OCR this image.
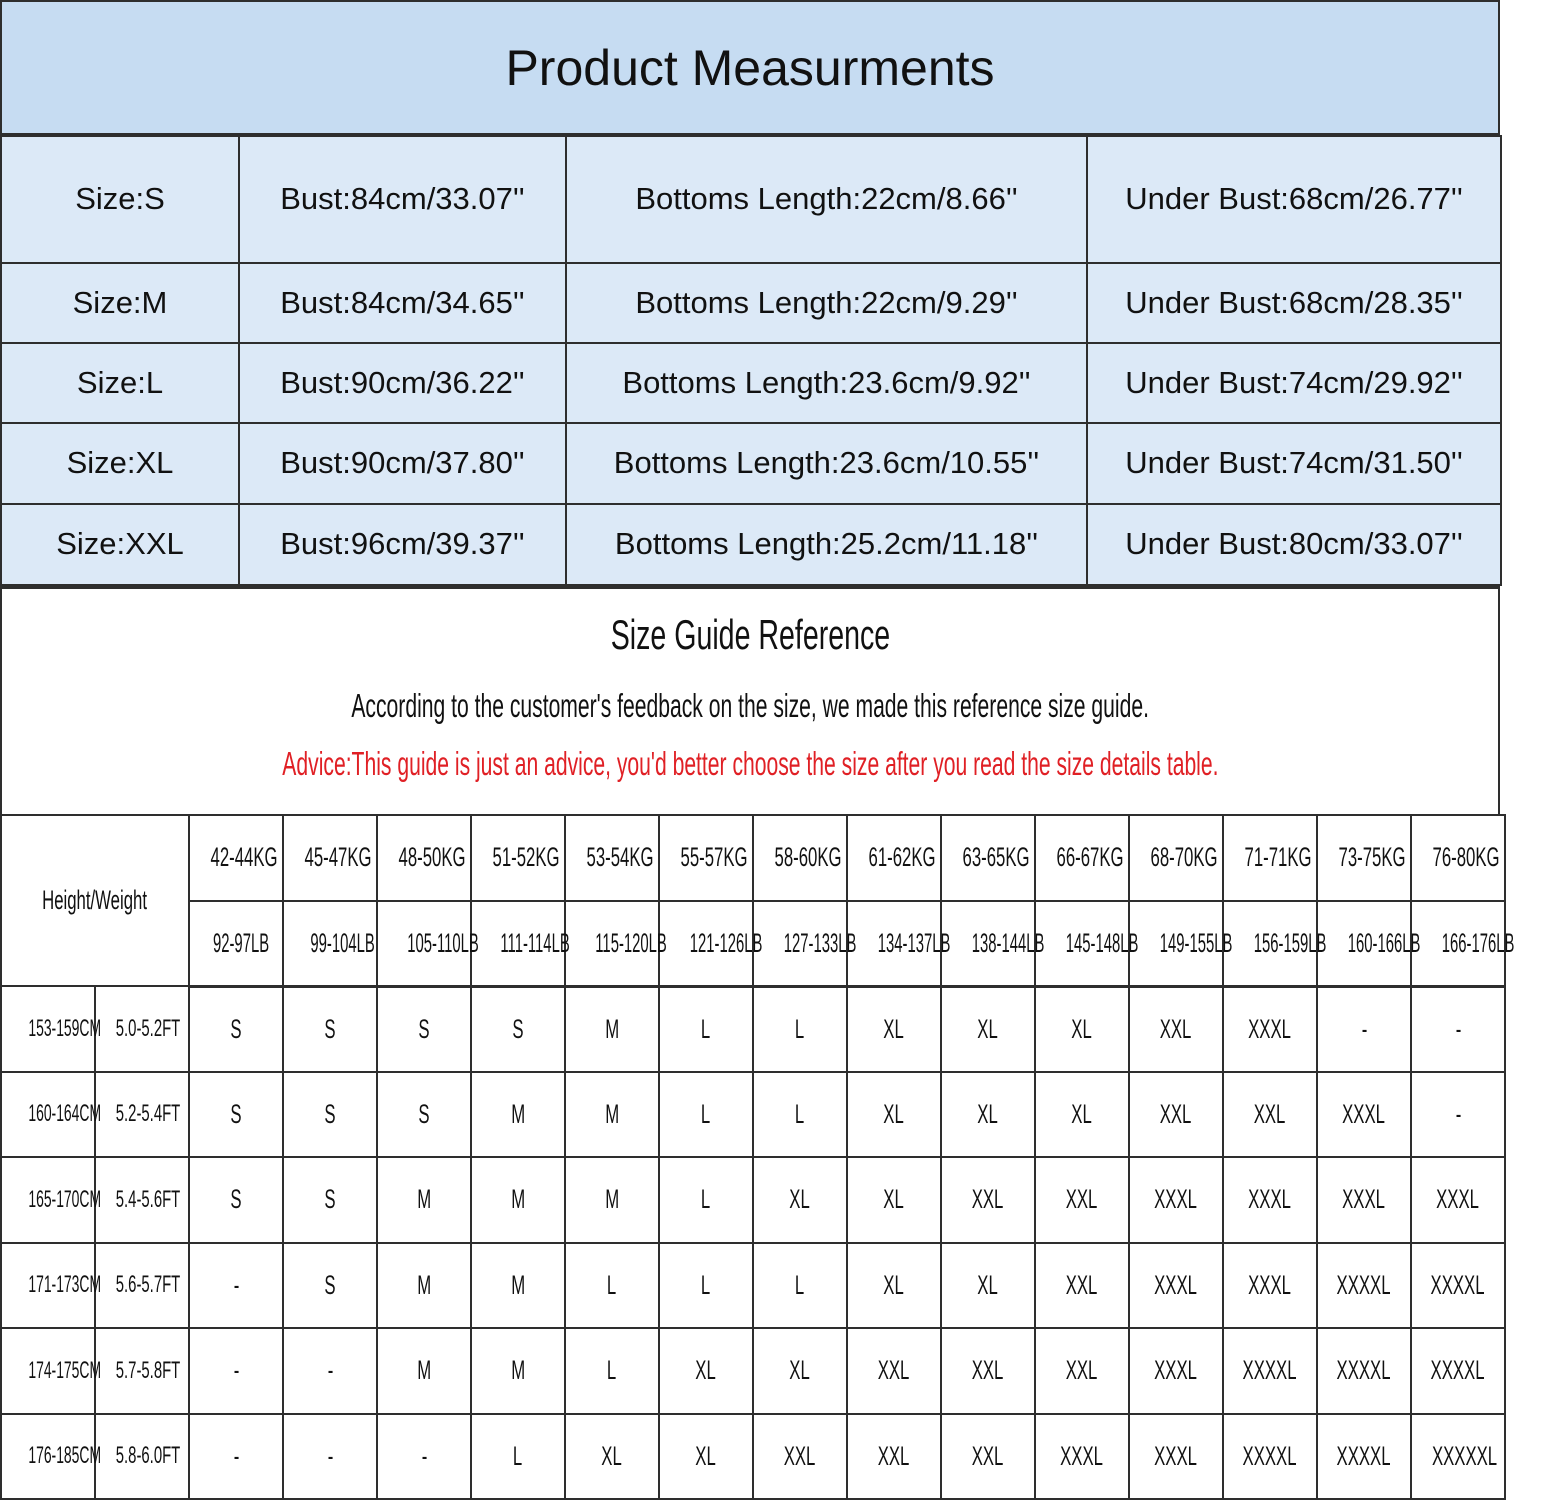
Product Measurments
Size:S	Bust:84cm/33.07''	Bottoms Length:22cm/8.66''	Under Bust:68cm/26.77''
Size:M	Bust:84cm/34.65''	Bottoms Length:22cm/9.29''	Under Bust:68cm/28.35''
Size:L	Bust:90cm/36.22''	Bottoms Length:23.6cm/9.92''	Under Bust:74cm/29.92''
Size:XL	Bust:90cm/37.80''	Bottoms Length:23.6cm/10.55''	Under Bust:74cm/31.50''
Size:XXL	Bust:96cm/39.37''	Bottoms Length:25.2cm/11.18''	Under Bust:80cm/33.07''
Size Guide Reference
According to the customer's feedback on the size, we made this reference size guide.
Advice:This guide is just an advice, you'd better choose the size after you read the size details table.
Height/Weight		42-44KG	45-47KG	48-50KG	51-52KG	53-54KG	55-57KG	58-60KG	61-62KG	63-65KG	66-67KG	68-70KG	71-71KG	73-75KG	76-80KG
		92-97LB	99-104LB	105-110LB	111-114LB	115-120LB	121-126LB	127-133LB	134-137LB	138-144LB	145-148LB	149-155LB	156-159LB	160-166LB	166-176LB
153-159CM	5.0-5.2FT	S	S	S	S	M	L	L	XL	XL	XL	XXL	XXXL	-	-
160-164CM	5.2-5.4FT	S	S	S	M	M	L	L	XL	XL	XL	XXL	XXL	XXXL	-
165-170CM	5.4-5.6FT	S	S	M	M	M	L	XL	XL	XXL	XXL	XXXL	XXXL	XXXL	XXXL
171-173CM	5.6-5.7FT	-	S	M	M	L	L	L	XL	XL	XXL	XXXL	XXXL	XXXXL	XXXXL
174-175CM	5.7-5.8FT	-	-	M	M	L	XL	XL	XXL	XXL	XXL	XXXL	XXXXL	XXXXL	XXXXL
176-185CM	5.8-6.0FT	-	-	-	L	XL	XL	XXL	XXL	XXL	XXXL	XXXL	XXXXL	XXXXL	XXXXXL
